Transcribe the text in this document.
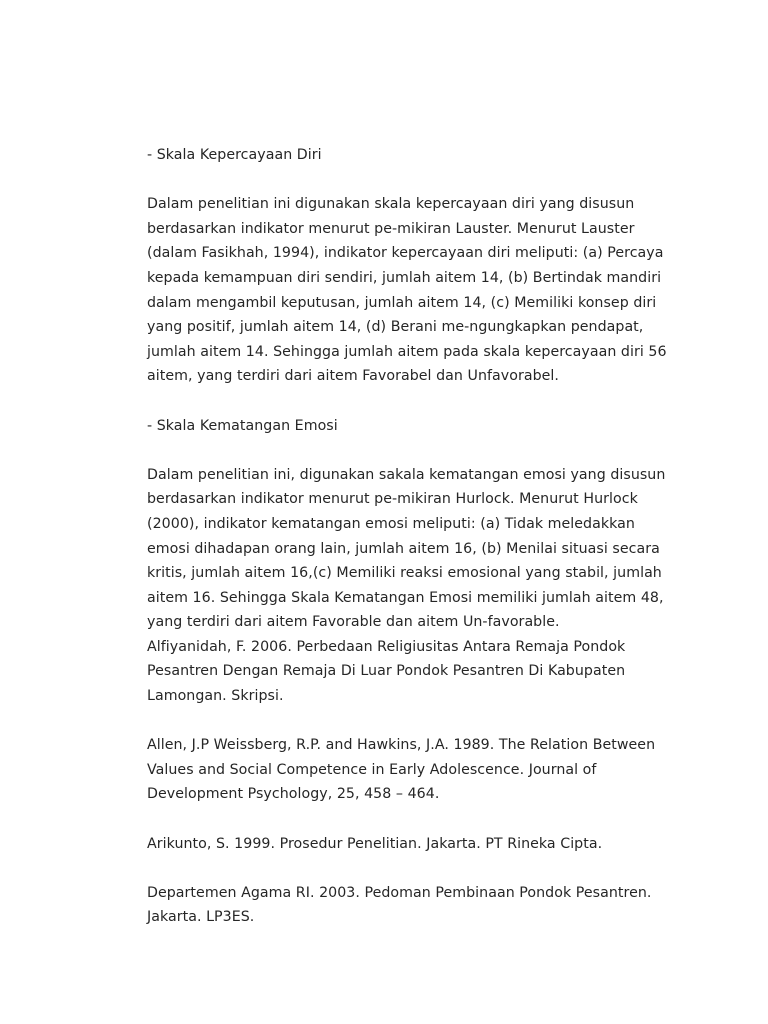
- Skala Kepercayaan Diri

Dalam penelitian ini digunakan skala kepercayaan diri yang disusun berdasarkan indikator menurut pe-mikiran Lauster. Menurut Lauster (dalam Fasikhah, 1994), indikator kepercayaan diri meliputi: (a) Percaya kepada kemampuan diri sendiri, jumlah aitem 14, (b) Bertindak mandiri dalam mengambil keputusan, jumlah aitem 14, (c) Memiliki konsep diri yang positif, jumlah aitem 14, (d) Berani me-ngungkapkan pendapat, jumlah aitem 14. Sehingga jumlah aitem pada skala kepercayaan diri 56 aitem, yang terdiri dari aitem Favorabel dan Unfavorabel.

- Skala Kematangan Emosi

Dalam penelitian ini, digunakan sakala kematangan emosi yang disusun berdasarkan indikator menurut pe-mikiran Hurlock. Menurut Hurlock (2000), indikator kematangan emosi meliputi: (a) Tidak meledakkan emosi dihadapan orang lain, jumlah aitem 16, (b) Menilai situasi secara kritis, jumlah aitem 16,(c) Memiliki reaksi emosional yang stabil, jumlah aitem 16. Sehingga Skala Kematangan Emosi memiliki jumlah aitem 48, yang terdiri dari aitem Favorable dan aitem Un-favorable.

Alfiyanidah, F. 2006. Perbedaan Religiusitas Antara Remaja Pondok Pesantren Dengan Remaja Di Luar Pondok Pesantren Di Kabupaten Lamongan. Skripsi.

Allen, J.P Weissberg, R.P. and Hawkins, J.A. 1989. The Relation Between Values and Social Competence in Early Adolescence. Journal of Development Psychology, 25, 458 – 464.

Arikunto, S. 1999. Prosedur Penelitian. Jakarta. PT Rineka Cipta.

Departemen Agama RI. 2003. Pedoman Pembinaan Pondok Pesantren. Jakarta. LP3ES.
